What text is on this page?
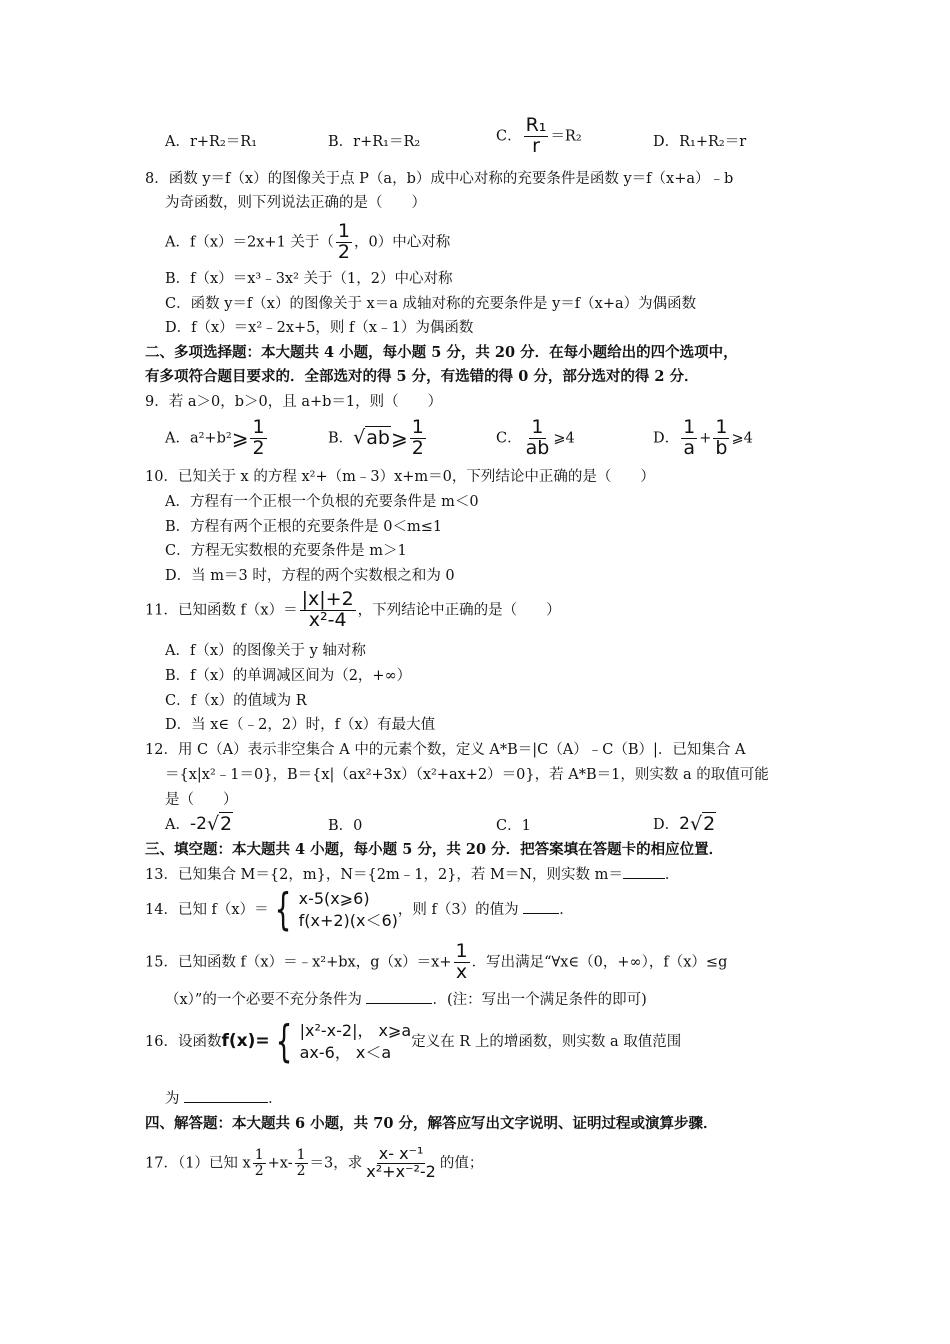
A．r+R₂＝R₁	B．r+R₁＝R₂	C． $\frac{\text{R₁}}{r} =R_2$	D．R₁+R₂＝r
8．函数 y＝f（x）的图像关于点 P（a，b）成中心对称的充要条件是函数 y＝f（x+a）﹣b
为奇函数，则下列说法正确的是（　　）
A．f（x）＝2x+1 关于（ $\frac{1}{2}$ ，0）中心对称
B．f（x）＝x³﹣3x² 关于（1，2）中心对称
C．函数 y＝f（x）的图像关于 x＝a 成轴对称的充要条件是 y＝f（x+a）为偶函数
D．f（x）＝x²﹣2x+5，则 f（x﹣1）为偶函数
二、多项选择题：本大题共 4 小题，每小题 5 分，共 20 分．在每小题给出的四个选项中，
有多项符合题目要求的．全部选对的得 5 分，有选错的得 0 分，部分选对的得 2 分．
9．若 a＞0，b＞0，且 a+b＝1，则（　　）
A．a²+b²⩾ $\frac{1}{2}$	B．√ab⩾ $\frac{1}{2}$	C． $\frac{1}{ab}$ ⩾4	D． $\frac{1}{a} + \frac{1}{b}$ ⩾4
10．已知关于 x 的方程 x²+（m﹣3）x+m＝0，下列结论中正确的是（　　）
A．方程有一个正根一个负根的充要条件是 m＜0
B．方程有两个正根的充要条件是 0＜m≤1
C．方程无实数根的充要条件是 m＞1
D．当 m＝3 时，方程的两个实数根之和为 0
11．已知函数 $f(x)= \frac{|x|+2}{\text{x²-4}}$ ，下列结论中正确的是（　　）
A．f（x）的图像关于 y 轴对称
B．f（x）的单调减区间为（2，+∞）
C．f（x）的值域为 R
D．当 x∈（﹣2，2）时，f（x）有最大值
12．用 C（A）表示非空集合 A 中的元素个数，定义 A*B＝|C（A）﹣C（B）|．已知集合 A
＝{x|x²﹣1＝0}，B＝{x|（ax²+3x）（x²+ax+2）＝0}，若 A*B＝1，则实数 a 的取值可能
是（　　）
A．-2√2	B．0	C．1	D．2√2
三、填空题：本大题共 4 小题，每小题 5 分，共 20 分．把答案填在答题卡的相应位置．
13．已知集合 M＝{2，m}，N＝{2m﹣1，2}，若 M＝N，则实数 m＝	．
14．已知 f（x）＝ { x-5(x⩾6)
f(x+2)(x＜6)
，则 f（3）的值为 ．
15．已知函数 f（x）＝﹣x²+bx，$g(x)=x+ \frac{1}{x}$ ．写出满足“∀x∈（0，+∞），f（x）≤g
（x）”的一个必要不充分条件为	．(注：写出一个满足条件的即可)
16．设函数f(x)= { |x²-x-2|， x⩾a
ax-6， x＜a
定义在 R 上的增函数，则实数 a 取值范围
为	．
四、解答题：本大题共 6 小题，共 70 分，解答应写出文字说明、证明过程或演算步骤．
17．（1）已知 x $\frac{1}{2} +x- \frac{1}{2} =3$，求 $\frac{\text{x- x⁻¹}}{\text{x²+x⁻²-2}}$ 的值；
